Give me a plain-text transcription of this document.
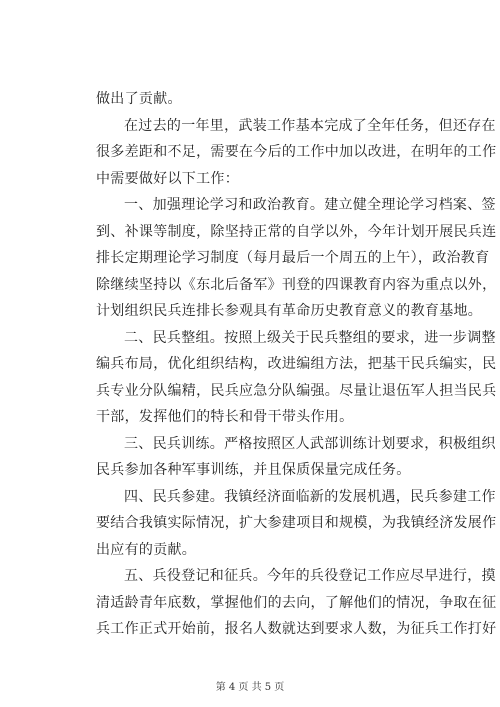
做出了贡献。
在过去的一年里，武装工作基本完成了全年任务，但还存在
很多差距和不足，需要在今后的工作中加以改进，在明年的工作
中需要做好以下工作：
一、加强理论学习和政治教育。建立健全理论学习档案、签
到、补课等制度，除坚持正常的自学以外，今年计划开展民兵连
排长定期理论学习制度（每月最后一个周五的上午），政治教育
除继续坚持以《东北后备军》刊登的四课教育内容为重点以外，
计划组织民兵连排长参观具有革命历史教育意义的教育基地。
二、民兵整组。按照上级关于民兵整组的要求，进一步调整
编兵布局，优化组织结构，改进编组方法，把基干民兵编实，民
兵专业分队编精，民兵应急分队编强。尽量让退伍军人担当民兵
干部，发挥他们的特长和骨干带头作用。
三、民兵训练。严格按照区人武部训练计划要求，积极组织
民兵参加各种军事训练，并且保质保量完成任务。
四、民兵参建。我镇经济面临新的发展机遇，民兵参建工作
要结合我镇实际情况，扩大参建项目和规模，为我镇经济发展作
出应有的贡献。
五、兵役登记和征兵。今年的兵役登记工作应尽早进行，摸
清适龄青年底数，掌握他们的去向，了解他们的情况，争取在征
兵工作正式开始前，报名人数就达到要求人数，为征兵工作打好
第 4 页 共 5 页
